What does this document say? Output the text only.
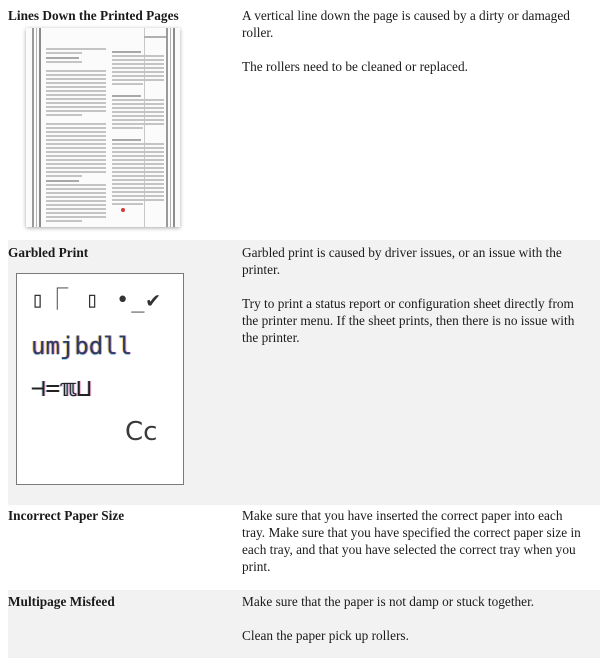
Lines Down the Printed Pages	A vertical line down the page is caused by a dirty or damaged roller.

The rollers need to be cleaned or replaced.

Garbled Print	Garbled print is caused by driver issues, or an issue with the printer.

Try to print a status report or configuration sheet directly from the printer menu. If the sheet prints, then there is no issue with the printer.

▯⎾ ▯ •_✔
umjbdll
⊣=ℼ⊔
Cc
Incorrect Paper Size	Make sure that you have inserted the correct paper into each tray. Make sure that you have specified the correct paper size in each tray, and that you have selected the correct tray when you print.

Multipage Misfeed	Make sure that the paper is not damp or stuck together.

Clean the paper pick up rollers.
